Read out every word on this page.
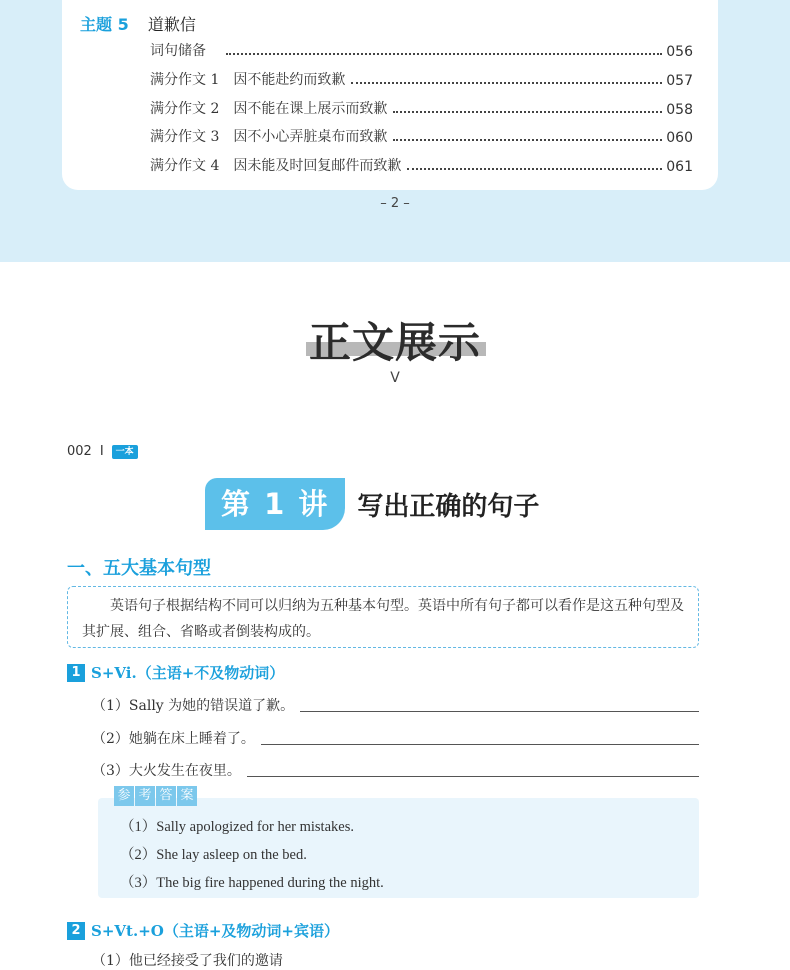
主题 5 道歉信
词句储备	056
满分作文 1 因不能赴约而致歉	057
满分作文 2 因不能在课上展示而致歉	058
满分作文 3 因不小心弄脏桌布而致歉	060
满分作文 4 因未能及时回复邮件而致歉	061
– 2 –
正文展示
V
002 I	一本
第 1 讲	写出正确的句子
一、五大基本句型

英语句子根据结构不同可以归纳为五种基本句型。英语中所有句子都可以看作是这五种句型及其扩展、组合、省略或者倒装构成的。

1 S+Vi.（主语+不及物动词）
（1）Sally 为她的错误道了歉。
（2）她躺在床上睡着了。
（3）大火发生在夜里。
参 考 答 案
（1）Sally apologized for her mistakes.
（2）She lay asleep on the bed.
（3）The big fire happened during the night.
2 S+Vt.+O（主语+及物动词+宾语）
（1）他已经接受了我们的邀请
